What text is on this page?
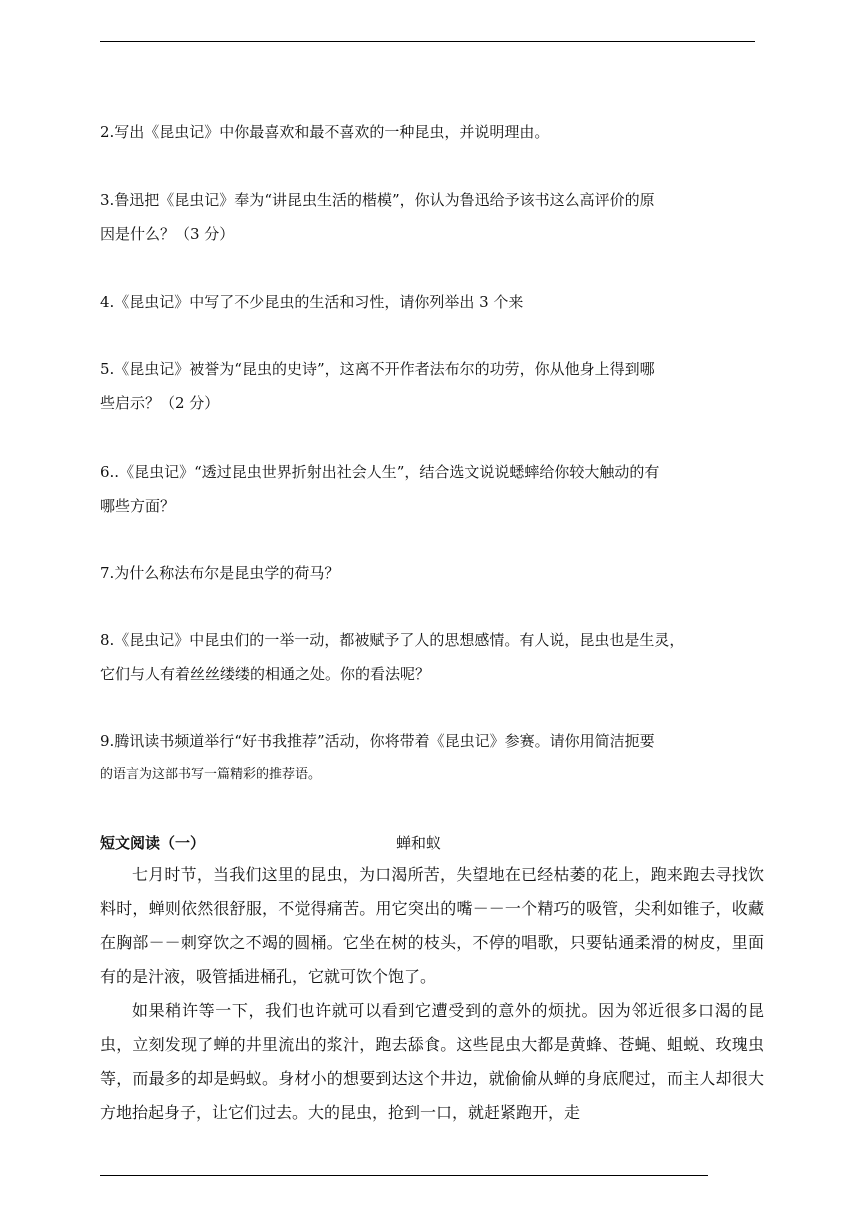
2.写出《昆虫记》中你最喜欢和最不喜欢的一种昆虫，并说明理由。

3.鲁迅把《昆虫记》奉为“讲昆虫生活的楷模”，你认为鲁迅给予该书这么高评价的原

因是什么？（3 分）

4.《昆虫记》中写了不少昆虫的生活和习性，请你列举出 3 个来

5.《昆虫记》被誉为“昆虫的史诗”，这离不开作者法布尔的功劳，你从他身上得到哪

些启示？（2 分）

6..《昆虫记》“透过昆虫世界折射出社会人生”，结合选文说说蟋蟀给你较大触动的有

哪些方面？

7.为什么称法布尔是昆虫学的荷马？

8.《昆虫记》中昆虫们的一举一动，都被赋予了人的思想感情。有人说，昆虫也是生灵，

它们与人有着丝丝缕缕的相通之处。你的看法呢？

9.腾讯读书频道举行“好书我推荐”活动，你将带着《昆虫记》参赛。请你用简洁扼要

的语言为这部书写一篇精彩的推荐语。

短文阅读（一）	蝉和蚁
七月时节，当我们这里的昆虫，为口渴所苦，失望地在已经枯萎的花上，跑来跑去寻找饮料时，蝉则依然很舒服，不觉得痛苦。用它突出的嘴－－一个精巧的吸管，尖利如锥子，收藏在胸部－－刺穿饮之不竭的圆桶。它坐在树的枝头，不停的唱歌，只要钻通柔滑的树皮，里面有的是汁液，吸管插进桶孔，它就可饮个饱了。
如果稍许等一下，我们也许就可以看到它遭受到的意外的烦扰。因为邻近很多口渴的昆虫，立刻发现了蝉的井里流出的浆汁，跑去舔食。这些昆虫大都是黄蜂、苍蝇、蛆蜕、玫瑰虫等，而最多的却是蚂蚁。身材小的想要到达这个井边，就偷偷从蝉的身底爬过，而主人却很大方地抬起身子，让它们过去。大的昆虫，抢到一口，就赶紧跑开，走
